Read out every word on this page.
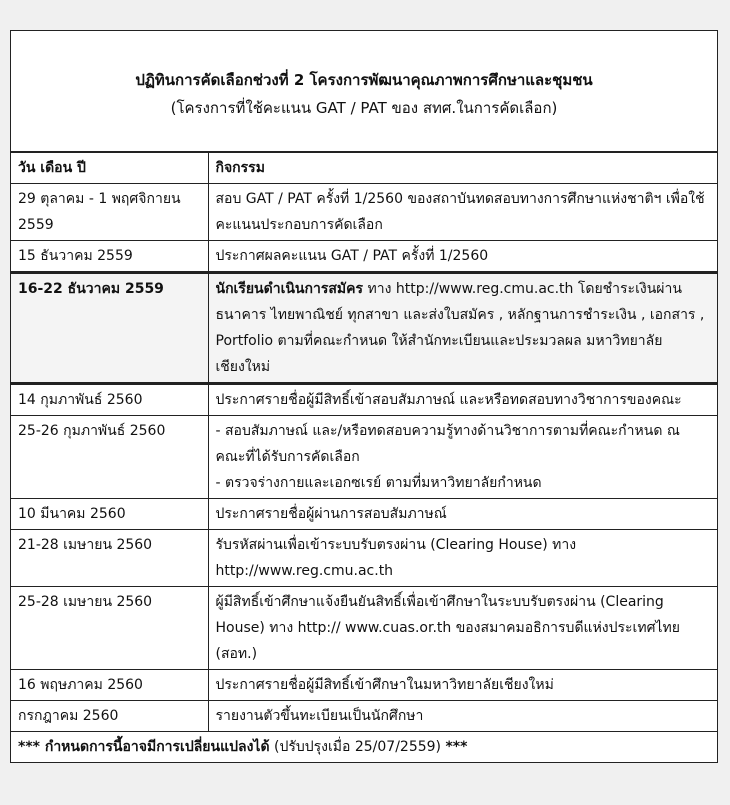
ปฏิทินการคัดเลือกช่วงที่ 2 โครงการพัฒนาคุณภาพการศึกษาและชุมชน
(โครงการที่ใช้คะแนน GAT / PAT ของ สทศ.ในการคัดเลือก)
วัน เดือน ปี	กิจกรรม
29 ตุลาคม - 1 พฤศจิกายน 2559	สอบ GAT / PAT ครั้งที่ 1/2560 ของสถาบันทดสอบทางการศึกษาแห่งชาติฯ เพื่อใช้คะแนนประกอบการคัดเลือก
15 ธันวาคม 2559	ประกาศผลคะแนน GAT / PAT ครั้งที่ 1/2560
16-22 ธันวาคม 2559	นักเรียนดำเนินการสมัคร ทาง http://www.reg.cmu.ac.th โดยชำระเงินผ่านธนาคาร ไทยพาณิชย์ ทุกสาขา และส่งใบสมัคร , หลักฐานการชำระเงิน , เอกสาร , Portfolio ตามที่คณะกำหนด ให้สำนักทะเบียนและประมวลผล มหาวิทยาลัยเชียงใหม่
14 กุมภาพันธ์ 2560	ประกาศรายชื่อผู้มีสิทธิ์เข้าสอบสัมภาษณ์ และหรือทดสอบทางวิชาการของคณะ
25-26 กุมภาพันธ์ 2560	- สอบสัมภาษณ์ และ/หรือทดสอบความรู้ทางด้านวิชาการตามที่คณะกำหนด ณ คณะที่ได้รับการคัดเลือก
- ตรวจร่างกายและเอกซเรย์ ตามที่มหาวิทยาลัยกำหนด

10 มีนาคม 2560	ประกาศรายชื่อผู้ผ่านการสอบสัมภาษณ์
21-28 เมษายน 2560	รับรหัสผ่านเพื่อเข้าระบบรับตรงผ่าน (Clearing House) ทาง http://www.reg.cmu.ac.th
25-28 เมษายน 2560	ผู้มีสิทธิ์เข้าศึกษาแจ้งยืนยันสิทธิ์เพื่อเข้าศึกษาในระบบรับตรงผ่าน (Clearing House) ทาง http:// www.cuas.or.th ของสมาคมอธิการบดีแห่งประเทศไทย (สอท.)
16 พฤษภาคม 2560	ประกาศรายชื่อผู้มีสิทธิ์เข้าศึกษาในมหาวิทยาลัยเชียงใหม่
กรกฎาคม 2560	รายงานตัวขึ้นทะเบียนเป็นนักศึกษา
*** กำหนดการนี้อาจมีการเปลี่ยนแปลงได้ (ปรับปรุงเมื่อ 25/07/2559) ***	
